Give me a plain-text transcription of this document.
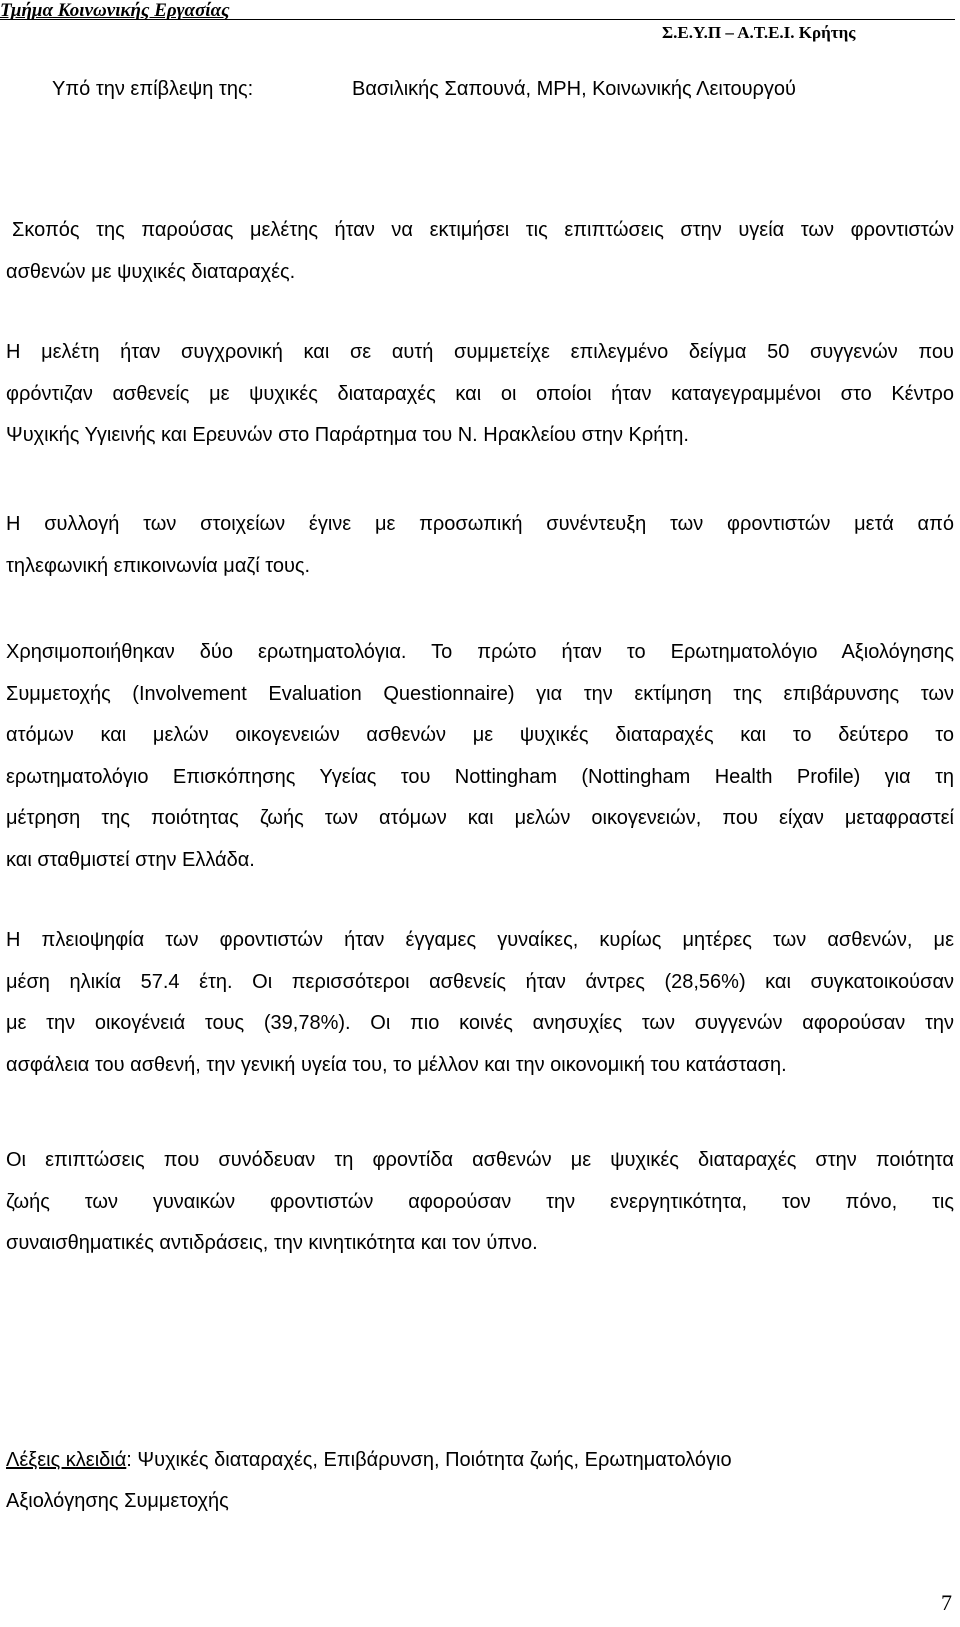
Τμήμα Κοινωνικής Εργασίας
Σ.Ε.Υ.Π – Α.Τ.Ε.Ι. Κρήτης
Υπό την επίβλεψη της:	Βασιλικής Σαπουνά, ΜΡΗ, Κοινωνικής Λειτουργού

Σκοπός της παρούσας μελέτης ήταν να εκτιμήσει τις επιπτώσεις στην υγεία των φροντιστών
ασθενών με ψυχικές διαταραχές.

Η μελέτη ήταν συγχρονική και σε αυτή συμμετείχε επιλεγμένο δείγμα 50 συγγενών που
φρόντιζαν ασθενείς με ψυχικές διαταραχές και οι οποίοι ήταν καταγεγραμμένοι στο Κέντρο
Ψυχικής Υγιεινής και Ερευνών στο Παράρτημα του Ν. Ηρακλείου στην Κρήτη.

Η συλλογή των στοιχείων έγινε με προσωπική συνέντευξη των φροντιστών μετά από
τηλεφωνική επικοινωνία μαζί τους.

Χρησιμοποιήθηκαν δύο ερωτηματολόγια. Το πρώτο ήταν το Ερωτηματολόγιο Αξιολόγησης
Συμμετοχής (Involvement Evaluation Questionnaire) για την εκτίμηση της επιβάρυνσης των
ατόμων και μελών οικογενειών ασθενών με ψυχικές διαταραχές και το δεύτερο το
ερωτηματολόγιο Επισκόπησης Υγείας του Nottingham (Nottingham Health Profile) για τη
μέτρηση της ποιότητας ζωής των ατόμων και μελών οικογενειών, που είχαν μεταφραστεί
και σταθμιστεί στην Ελλάδα.

Η πλειοψηφία των φροντιστών ήταν έγγαμες γυναίκες, κυρίως μητέρες των ασθενών, με
μέση ηλικία 57.4 έτη. Οι περισσότεροι ασθενείς ήταν άντρες (28,56%) και συγκατοικούσαν
με την οικογένειά τους (39,78%). Οι πιο κοινές ανησυχίες των συγγενών αφορούσαν την
ασφάλεια του ασθενή, την γενική υγεία του, το μέλλον και την οικονομική του κατάσταση.

Οι επιπτώσεις που συνόδευαν τη φροντίδα ασθενών με ψυχικές διαταραχές στην ποιότητα
ζωής των γυναικών φροντιστών αφορούσαν την ενεργητικότητα, τον πόνο, τις
συναισθηματικές αντιδράσεις, την κινητικότητα και τον ύπνο.

Λέξεις κλειδιά: Ψυχικές διαταραχές, Επιβάρυνση, Ποιότητα ζωής, Ερωτηματολόγιο
Αξιολόγησης Συμμετοχής

7
